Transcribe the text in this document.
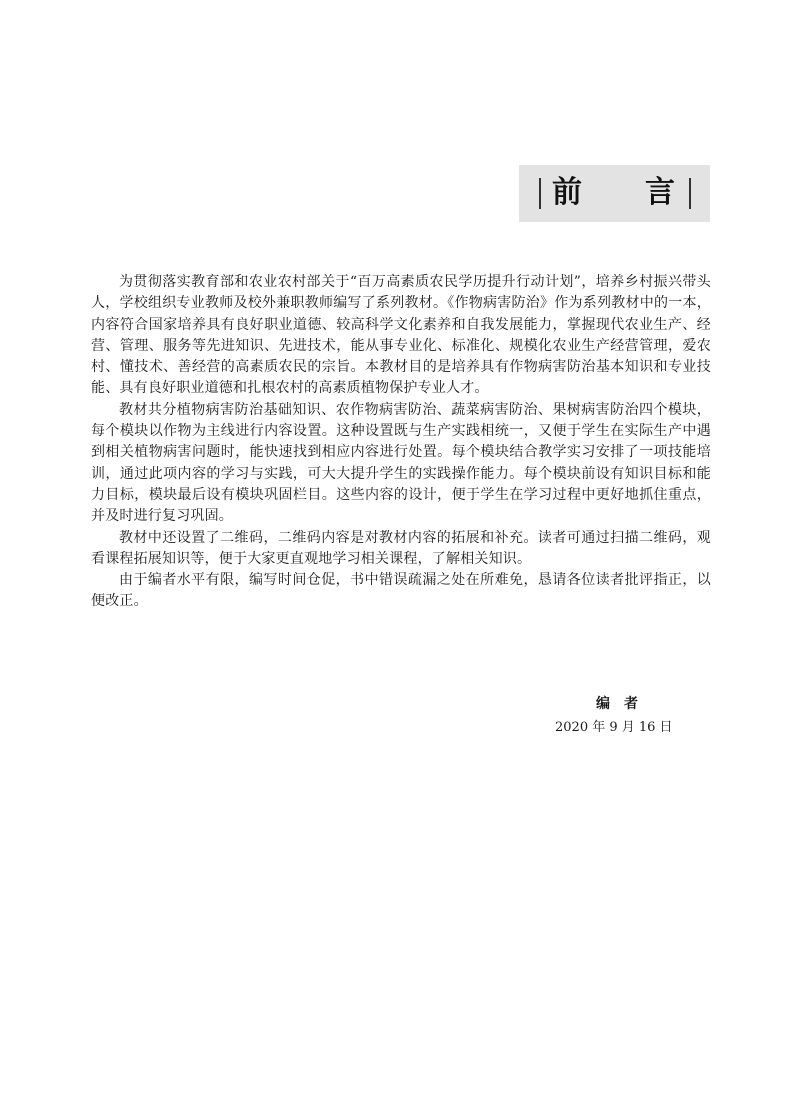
前 言

为贯彻落实教育部和农业农村部关于“百万高素质农民学历提升行动计划”，培养乡村振兴带头人，学校组织专业教师及校外兼职教师编写了系列教材。《作物病害防治》作为系列教材中的一本，内容符合国家培养具有良好职业道德、较高科学文化素养和自我发展能力，掌握现代农业生产、经营、管理、服务等先进知识、先进技术，能从事专业化、标准化、规模化农业生产经营管理，爱农村、懂技术、善经营的高素质农民的宗旨。本教材目的是培养具有作物病害防治基本知识和专业技能、具有良好职业道德和扎根农村的高素质植物保护专业人才。

教材共分植物病害防治基础知识、农作物病害防治、蔬菜病害防治、果树病害防治四个模块，每个模块以作物为主线进行内容设置。这种设置既与生产实践相统一，又便于学生在实际生产中遇到相关植物病害问题时，能快速找到相应内容进行处置。每个模块结合教学实习安排了一项技能培训，通过此项内容的学习与实践，可大大提升学生的实践操作能力。每个模块前设有知识目标和能力目标，模块最后设有模块巩固栏目。这些内容的设计，便于学生在学习过程中更好地抓住重点，并及时进行复习巩固。

教材中还设置了二维码，二维码内容是对教材内容的拓展和补充。读者可通过扫描二维码，观看课程拓展知识等，便于大家更直观地学习相关课程，了解相关知识。

由于编者水平有限，编写时间仓促，书中错误疏漏之处在所难免，恳请各位读者批评指正，以便改正。

编者
2020 年 9 月 16 日
